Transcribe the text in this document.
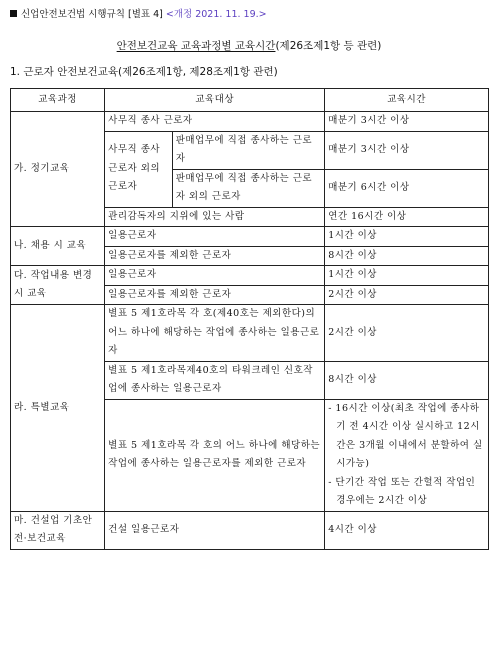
신업안전보건법 시행규칙 [별표 4] <개정 2021. 11. 19.>
안전보건교육 교육과정별 교육시간(제26조제1항 등 관련)
1. 근로자 안전보건교육(제26조제1항, 제28조제1항 관련)
교육과정	교육대상		교육시간
가. 정기교육	사무직 종사 근로자		매분기 3시간 이상
	사무직 종사 근로자 외의 근로자	판매업무에 직접 종사하는 근로자	매분기 3시간 이상
		판매업무에 직접 종사하는 근로자 외의 근로자	매분기 6시간 이상
	관리감독자의 지위에 있는 사람		연간 16시간 이상
나. 채용 시 교육	일용근로자		1시간 이상
	일용근로자를 제외한 근로자		8시간 이상
다. 작업내용 변경 시 교육	일용근로자		1시간 이상
	일용근로자를 제외한 근로자		2시간 이상
라. 특별교육	별표 5 제1호라목 각 호(제40호는 제외한다)의 어느 하나에 해당하는 작업에 종사하는 일용근로자		2시간 이상
	별표 5 제1호라목제40호의 타워크레인 신호작업에 종사하는 일용근로자		8시간 이상
	별표 5 제1호라목 각 호의 어느 하나에 해당하는 작업에 종사하는 일용근로자를 제외한 근로자		- 16시간 이상(최초 작업에 종사하기 전 4시간 이상 실시하고 12시간은 3개월 이내에서 분할하여 실시가능)
- 단기간 작업 또는 간헐적 작업인 경우에는 2시간 이상

마. 건설업 기초안전·보건교육	건설 일용근로자		4시간 이상
